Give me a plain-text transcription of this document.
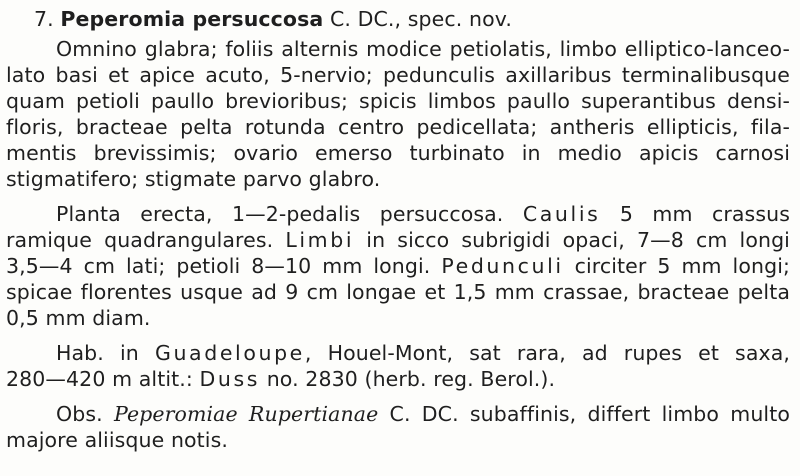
7. Peperomia persuccosa C. DC., spec. nov.
Omnino glabra; foliis alternis modice petiolatis, limbo elliptico-lanceo-
lato basi et apice acuto, 5-nervio; pedunculis axillaribus terminalibusque
quam petioli paullo brevioribus; spicis limbos paullo superantibus densi-
floris, bracteae pelta rotunda centro pedicellata; antheris ellipticis, fila-
mentis brevissimis; ovario emerso turbinato in medio apicis carnosi
stigmatifero; stigmate parvo glabro.
Planta erecta, 1—2-pedalis persuccosa. Caulis 5 mm crassus
ramique quadrangulares. Limbi in sicco subrigidi opaci, 7—8 cm longi
3,5—4 cm lati; petioli 8—10 mm longi. Pedunculi circiter 5 mm longi;
spicae florentes usque ad 9 cm longae et 1,5 mm crassae, bracteae pelta
0,5 mm diam.
Hab. in Guadeloupe, Houel-Mont, sat rara, ad rupes et saxa,
280—420 m altit.: Duss no. 2830 (herb. reg. Berol.).
Obs. Peperomiae Rupertianae C. DC. subaffinis, differt limbo multo
majore aliisque notis.
